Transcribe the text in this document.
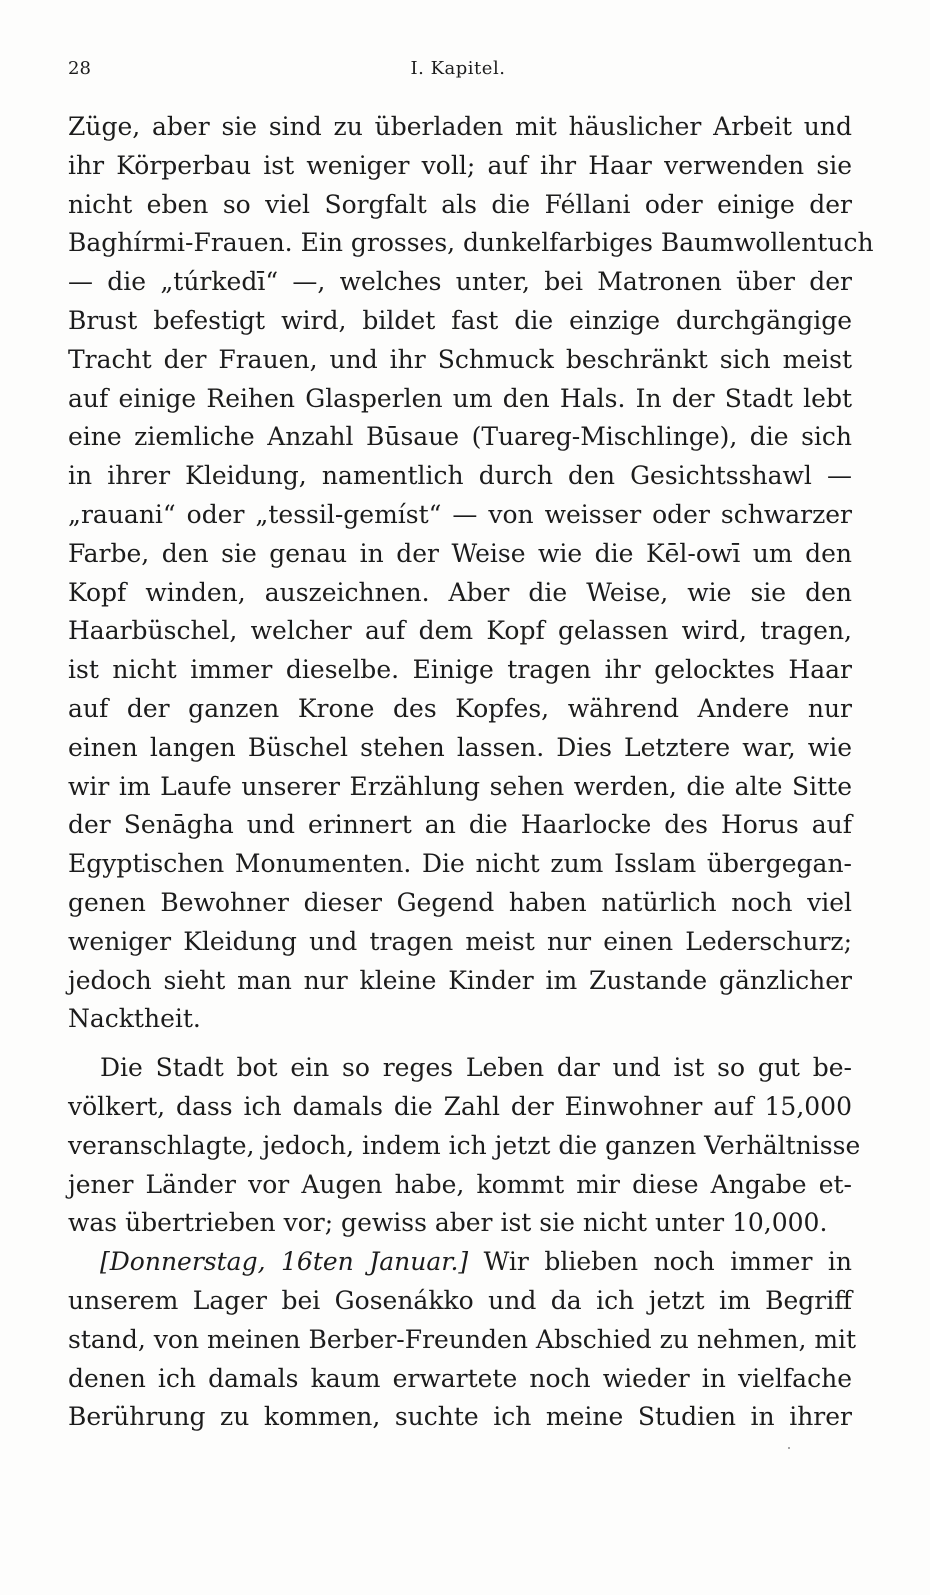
28	I. Kapitel.
Züge, aber sie sind zu überladen mit häuslicher Arbeit und
ihr Körperbau ist weniger voll; auf ihr Haar verwenden sie
nicht eben so viel Sorgfalt als die Féllani oder einige der
Baghírmi-Frauen. Ein grosses, dunkelfarbiges Baumwollentuch
— die „túrkedī“ —, welches unter, bei Matronen über der
Brust befestigt wird, bildet fast die einzige durchgängige
Tracht der Frauen, und ihr Schmuck beschränkt sich meist
auf einige Reihen Glasperlen um den Hals. In der Stadt lebt
eine ziemliche Anzahl Būsaue (Tuareg-Mischlinge), die sich
in ihrer Kleidung, namentlich durch den Gesichtsshawl —
„rauani“ oder „tessil-gemíst“ — von weisser oder schwarzer
Farbe, den sie genau in der Weise wie die Kēl-owī um den
Kopf winden, auszeichnen. Aber die Weise, wie sie den
Haarbüschel, welcher auf dem Kopf gelassen wird, tragen,
ist nicht immer dieselbe. Einige tragen ihr gelocktes Haar
auf der ganzen Krone des Kopfes, während Andere nur
einen langen Büschel stehen lassen. Dies Letztere war, wie
wir im Laufe unserer Erzählung sehen werden, die alte Sitte
der Senāgha und erinnert an die Haarlocke des Horus auf
Egyptischen Monumenten. Die nicht zum Isslam übergegan-
genen Bewohner dieser Gegend haben natürlich noch viel
weniger Kleidung und tragen meist nur einen Lederschurz;
jedoch sieht man nur kleine Kinder im Zustande gänzlicher
Nacktheit.
Die Stadt bot ein so reges Leben dar und ist so gut be-
völkert, dass ich damals die Zahl der Einwohner auf 15,000
veranschlagte, jedoch, indem ich jetzt die ganzen Verhältnisse
jener Länder vor Augen habe, kommt mir diese Angabe et-
was übertrieben vor; gewiss aber ist sie nicht unter 10,000.
[Donnerstag, 16ten Januar.] Wir blieben noch immer in
unserem Lager bei Gosenákko und da ich jetzt im Begriff
stand, von meinen Berber-Freunden Abschied zu nehmen, mit
denen ich damals kaum erwartete noch wieder in vielfache
Berührung zu kommen, suchte ich meine Studien in ihrer
